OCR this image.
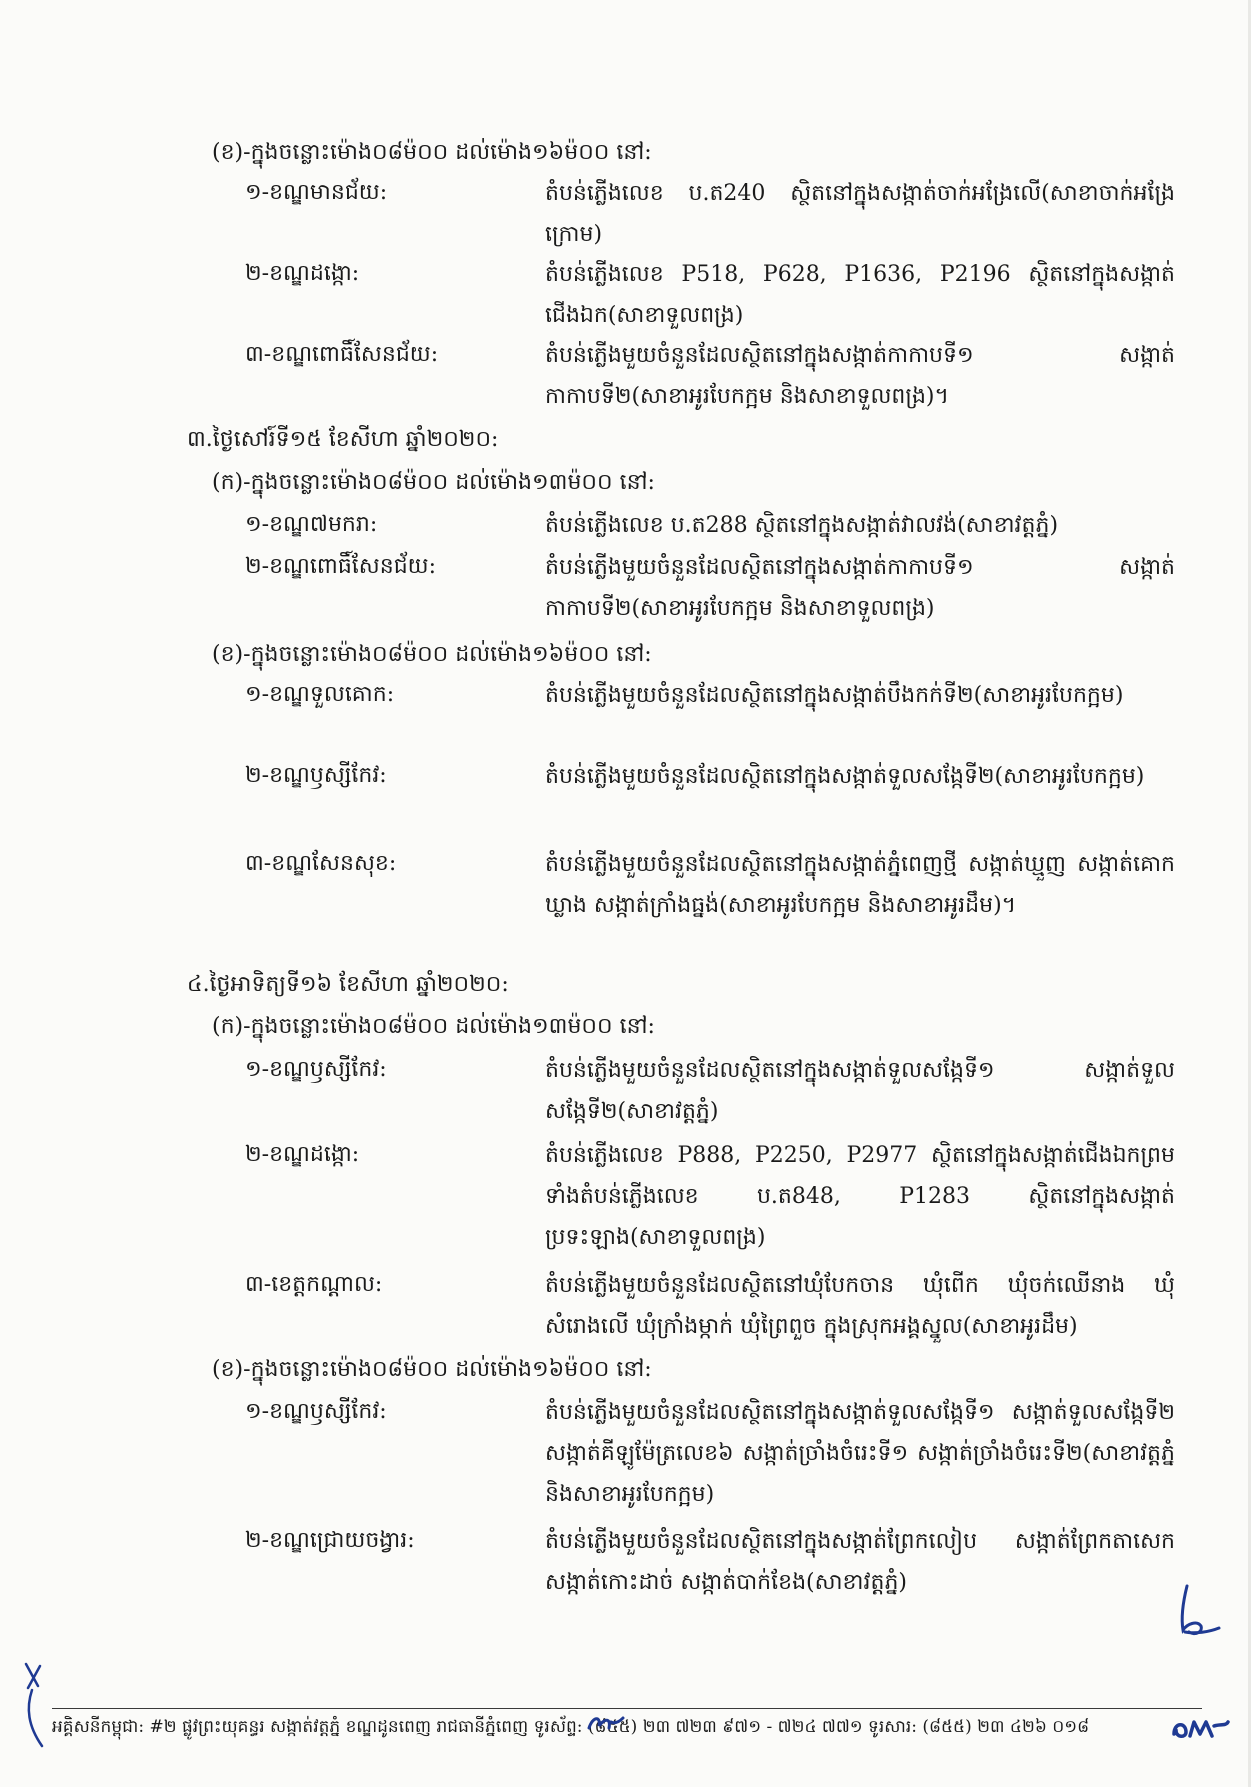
(ខ)-ក្នុងចន្លោះម៉ោង០៨ម៉០០ ដល់ម៉ោង១៦ម៉០០ នៅ:
១-ខណ្ឌមានជ័យ:	តំបន់ភ្លើងលេខ ប.ត240 ស្ថិតនៅក្នុងសង្កាត់ចាក់អង្រែលើ(សាខាចាក់អង្រែក្រោម)
២-ខណ្ឌដង្កោ:	តំបន់ភ្លើងលេខ P518, P628, P1636, P2196 ស្ថិតនៅក្នុងសង្កាត់ជើងឯក(សាខាទួលពង្រ)
៣-ខណ្ឌពោធិ៍សែនជ័យ:	តំបន់ភ្លើងមួយចំនួនដែលស្ថិតនៅក្នុងសង្កាត់កាកាបទី១ សង្កាត់កាកាបទី២(សាខាអូរបែកក្អម និងសាខាទួលពង្រ)។
៣.ថ្ងៃសៅរ៍ទី១៥ ខែសីហា ឆ្នាំ២០២០:
(ក)-ក្នុងចន្លោះម៉ោង០៨ម៉០០ ដល់ម៉ោង១៣ម៉០០ នៅ:
១-ខណ្ឌ៧មករា:	តំបន់ភ្លើងលេខ ប.ត288 ស្ថិតនៅក្នុងសង្កាត់វាលវង់(សាខាវត្តភ្នំ)
២-ខណ្ឌពោធិ៍សែនជ័យ:	តំបន់ភ្លើងមួយចំនួនដែលស្ថិតនៅក្នុងសង្កាត់កាកាបទី១ សង្កាត់កាកាបទី២(សាខាអូរបែកក្អម និងសាខាទួលពង្រ)
(ខ)-ក្នុងចន្លោះម៉ោង០៨ម៉០០ ដល់ម៉ោង១៦ម៉០០ នៅ:
១-ខណ្ឌទួលគោក:	តំបន់ភ្លើងមួយចំនួនដែលស្ថិតនៅក្នុងសង្កាត់បឹងកក់ទី២(សាខាអូរបែកក្អម)
២-ខណ្ឌឫស្សីកែវ:	តំបន់ភ្លើងមួយចំនួនដែលស្ថិតនៅក្នុងសង្កាត់ទួលសង្កែទី២(សាខាអូរបែកក្អម)
៣-ខណ្ឌសែនសុខ:	តំបន់ភ្លើងមួយចំនួនដែលស្ថិតនៅក្នុងសង្កាត់ភ្នំពេញថ្មី សង្កាត់ឃ្មួញ សង្កាត់គោកឃ្លាង សង្កាត់ក្រាំងធ្នង់(សាខាអូរបែកក្អម និងសាខាអូរដឹម)។
៤.ថ្ងៃអាទិត្យទី១៦ ខែសីហា ឆ្នាំ២០២០:
(ក)-ក្នុងចន្លោះម៉ោង០៨ម៉០០ ដល់ម៉ោង១៣ម៉០០ នៅ:
១-ខណ្ឌឫស្សីកែវ:	តំបន់ភ្លើងមួយចំនួនដែលស្ថិតនៅក្នុងសង្កាត់ទួលសង្កែទី១ សង្កាត់ទួលសង្កែទី២(សាខាវត្តភ្នំ)
២-ខណ្ឌដង្កោ:	តំបន់ភ្លើងលេខ P888, P2250, P2977 ស្ថិតនៅក្នុងសង្កាត់ជើងឯកព្រមទាំងតំបន់ភ្លើងលេខ ប.ត848, P1283 ស្ថិតនៅក្នុងសង្កាត់ប្រទះឡាង(សាខាទួលពង្រ)
៣-ខេត្តកណ្ដាល:	តំបន់ភ្លើងមួយចំនួនដែលស្ថិតនៅឃុំបែកចាន ឃុំពើក ឃុំចក់ឈើនាង ឃុំសំរោងលើ ឃុំក្រាំងម្កាក់ ឃុំព្រៃពួច ក្នុងស្រុកអង្គស្នួល(សាខាអូរដឹម)
(ខ)-ក្នុងចន្លោះម៉ោង០៨ម៉០០ ដល់ម៉ោង១៦ម៉០០ នៅ:
១-ខណ្ឌឫស្សីកែវ:	តំបន់ភ្លើងមួយចំនួនដែលស្ថិតនៅក្នុងសង្កាត់ទួលសង្កែទី១ សង្កាត់ទួលសង្កែទី២ សង្កាត់គីឡូម៉ែត្រលេខ៦ សង្កាត់ច្រាំងចំរេះទី១ សង្កាត់ច្រាំងចំរេះទី២(សាខាវត្តភ្នំ និងសាខាអូរបែកក្អម)
២-ខណ្ឌជ្រោយចង្វារ:	តំបន់ភ្លើងមួយចំនួនដែលស្ថិតនៅក្នុងសង្កាត់ព្រែកលៀប សង្កាត់ព្រែកតាសេក សង្កាត់កោះដាច់ សង្កាត់បាក់ខែង(សាខាវត្តភ្នំ)
អគ្គិសនីកម្ពុជា: #២ ផ្លូវព្រះយុគន្ធរ សង្កាត់វត្តភ្នំ ខណ្ឌដូនពេញ រាជធានីភ្នំពេញ ទូរស័ព្ទ: (៨៥៥) ២៣ ៧២៣ ៩៧១ - ៧២៤ ៧៧១ ទូរសារ: (៨៥៥) ២៣ ៤២៦ ០១៨
